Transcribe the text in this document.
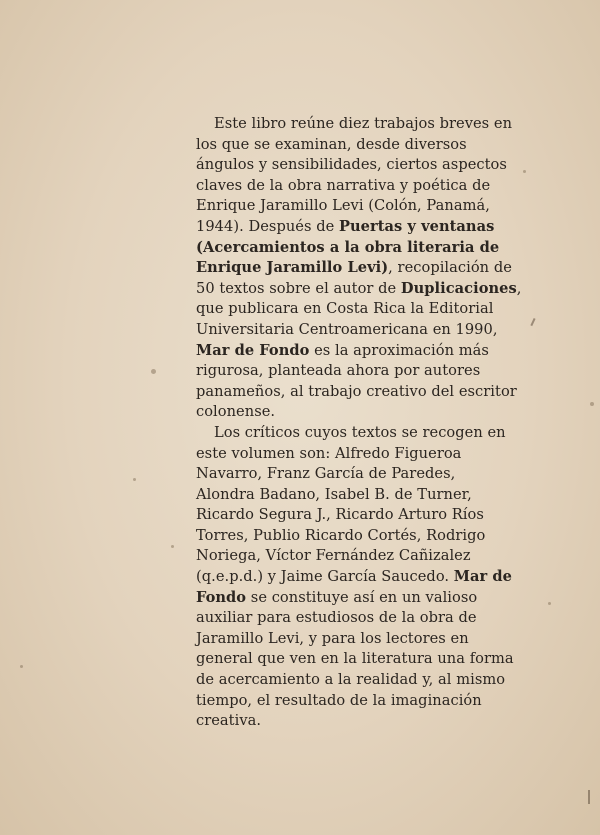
Este libro reúne diez trabajos breves en
los que se examinan, desde diversos
ángulos y sensibilidades, ciertos aspectos
claves de la obra narrativa y poética de
Enrique Jaramillo Levi (Colón, Panamá,
1944). Después de Puertas y ventanas
(Acercamientos a la obra literaria de
Enrique Jaramillo Levi), recopilación de
50 textos sobre el autor de Duplicaciones,
que publicara en Costa Rica la Editorial
Universitaria Centroamericana en 1990,
Mar de Fondo es la aproximación más
rigurosa, planteada ahora por autores
panameños, al trabajo creativo del escritor
colonense.
Los críticos cuyos textos se recogen en
este volumen son: Alfredo Figueroa
Navarro, Franz García de Paredes,
Alondra Badano, Isabel B. de Turner,
Ricardo Segura J., Ricardo Arturo Ríos
Torres, Publio Ricardo Cortés, Rodrigo
Noriega, Víctor Fernández Cañizalez
(q.e.p.d.) y Jaime García Saucedo. Mar de
Fondo se constituye así en un valioso
auxiliar para estudiosos de la obra de
Jaramillo Levi, y para los lectores en
general que ven en la literatura una forma
de acercamiento a la realidad y, al mismo
tiempo, el resultado de la imaginación
creativa.
